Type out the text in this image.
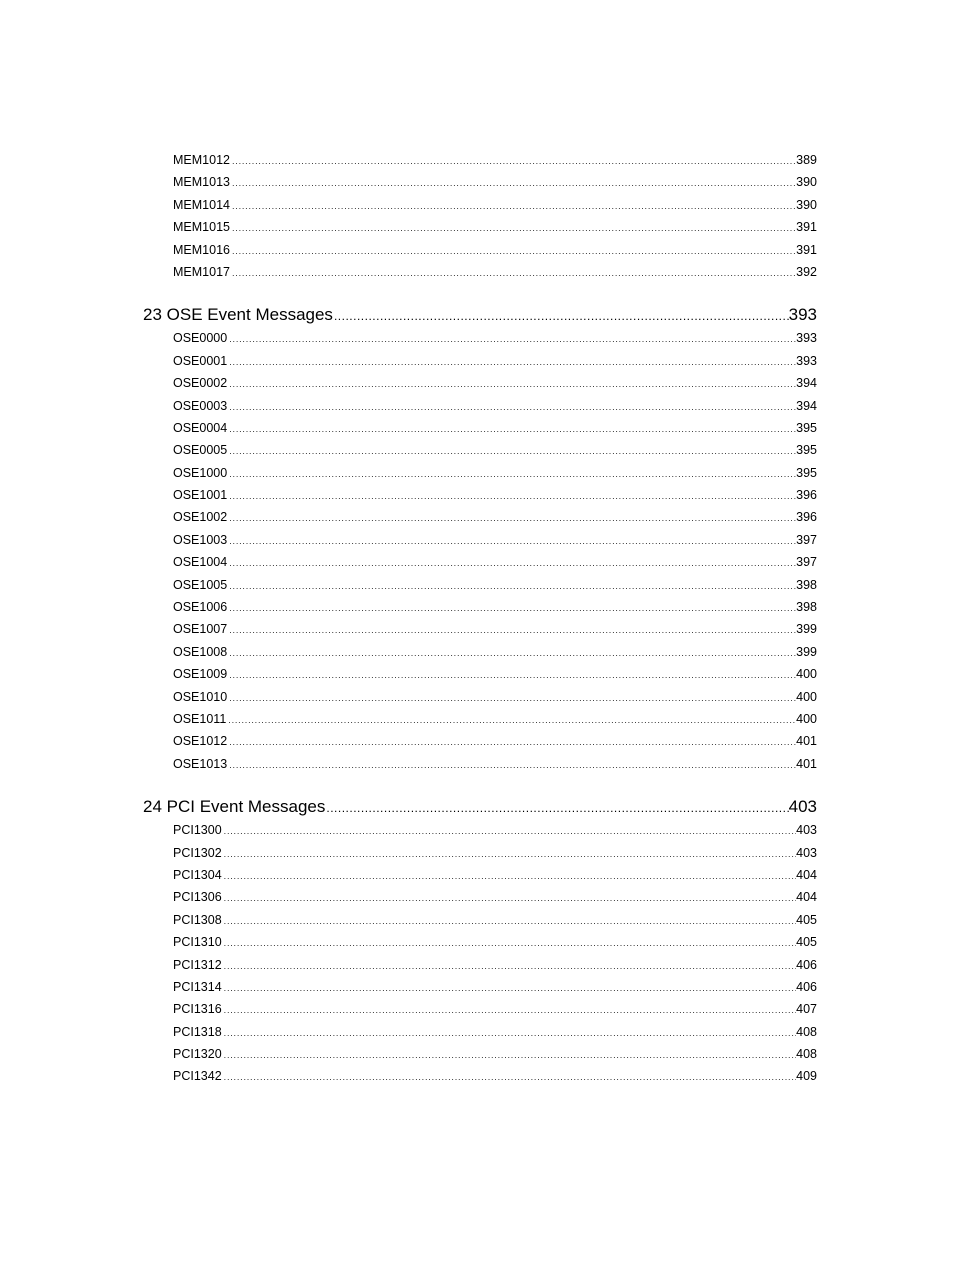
MEM1012 .....	389
MEM1013 .....	390
MEM1014 .....	390
MEM1015 .....	391
MEM1016 .....	391
MEM1017 .....	392
23 OSE Event Messages .....	393
OSE0000 .....	393
OSE0001 .....	393
OSE0002 .....	394
OSE0003 .....	394
OSE0004 .....	395
OSE0005 .....	395
OSE1000 .....	395
OSE1001 .....	396
OSE1002 .....	396
OSE1003 .....	397
OSE1004 .....	397
OSE1005 .....	398
OSE1006 .....	398
OSE1007 .....	399
OSE1008 .....	399
OSE1009 .....	400
OSE1010 .....	400
OSE1011 .....	400
OSE1012 .....	401
OSE1013 .....	401
24 PCI Event Messages .....	403
PCI1300 .....	403
PCI1302 .....	403
PCI1304 .....	404
PCI1306 .....	404
PCI1308 .....	405
PCI1310 .....	405
PCI1312 .....	406
PCI1314 .....	406
PCI1316 .....	407
PCI1318 .....	408
PCI1320 .....	408
PCI1342 .....	409
